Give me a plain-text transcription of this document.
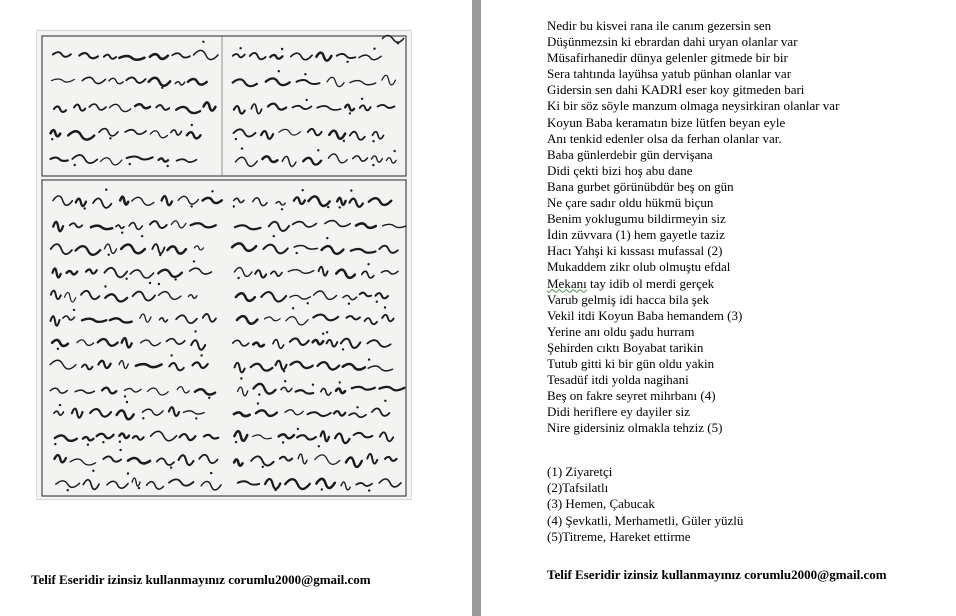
Telif Eseridir izinsiz kullanmayınız corumlu2000@gmail.com
Nedir bu kisvei rana ile canım gezersin sen
Düşünmezsin ki ebrardan dahi uryan olanlar var
Müsafirhanedir dünya gelenler gitmede bir bir
Sera tahtında layühsa yatub pünhan olanlar var
Gidersin sen dahi KADRİ eser koy gitmeden bari
Ki bir söz söyle manzum olmaga neysirkiran olanlar var
Koyun Baba keramatın bize lütfen beyan eyle
Anı tenkid edenler olsa da ferhan olanlar var.
Baba günlerdebir gün dervişana
Didi çekti bizi hoş abu dane
Bana gurbet görünübdür beş on gün
Ne çare sadır oldu hükmü biçun
Benim yoklugumu bildirmeyin siz
İdin züvvara (1) hem gayetle taziz
Hacı Yahşi ki kıssası mufassal (2)
Mukaddem zikr olub olmuştu efdal
Mekanı tay idib ol merdi gerçek
Varub gelmiş idi hacca bila şek
Vekil itdi Koyun Baba hemandem (3)
Yerine anı oldu şadu hurram
Şehirden cıktı Boyabat tarikin
Tutub gitti ki bir gün oldu yakin
Tesadüf itdi yolda nagihani
Beş on fakre seyret mihrbanı (4)
Didi heriflere ey dayiler siz
Nire gidersiniz olmakla tehziz (5)
(1) Ziyaretçi
(2)Tafsilatlı
(3) Hemen, Çabucak
(4) Şevkatli, Merhametli, Güler yüzlü
(5)Titreme, Hareket ettirme
Telif Eseridir izinsiz kullanmayınız corumlu2000@gmail.com
